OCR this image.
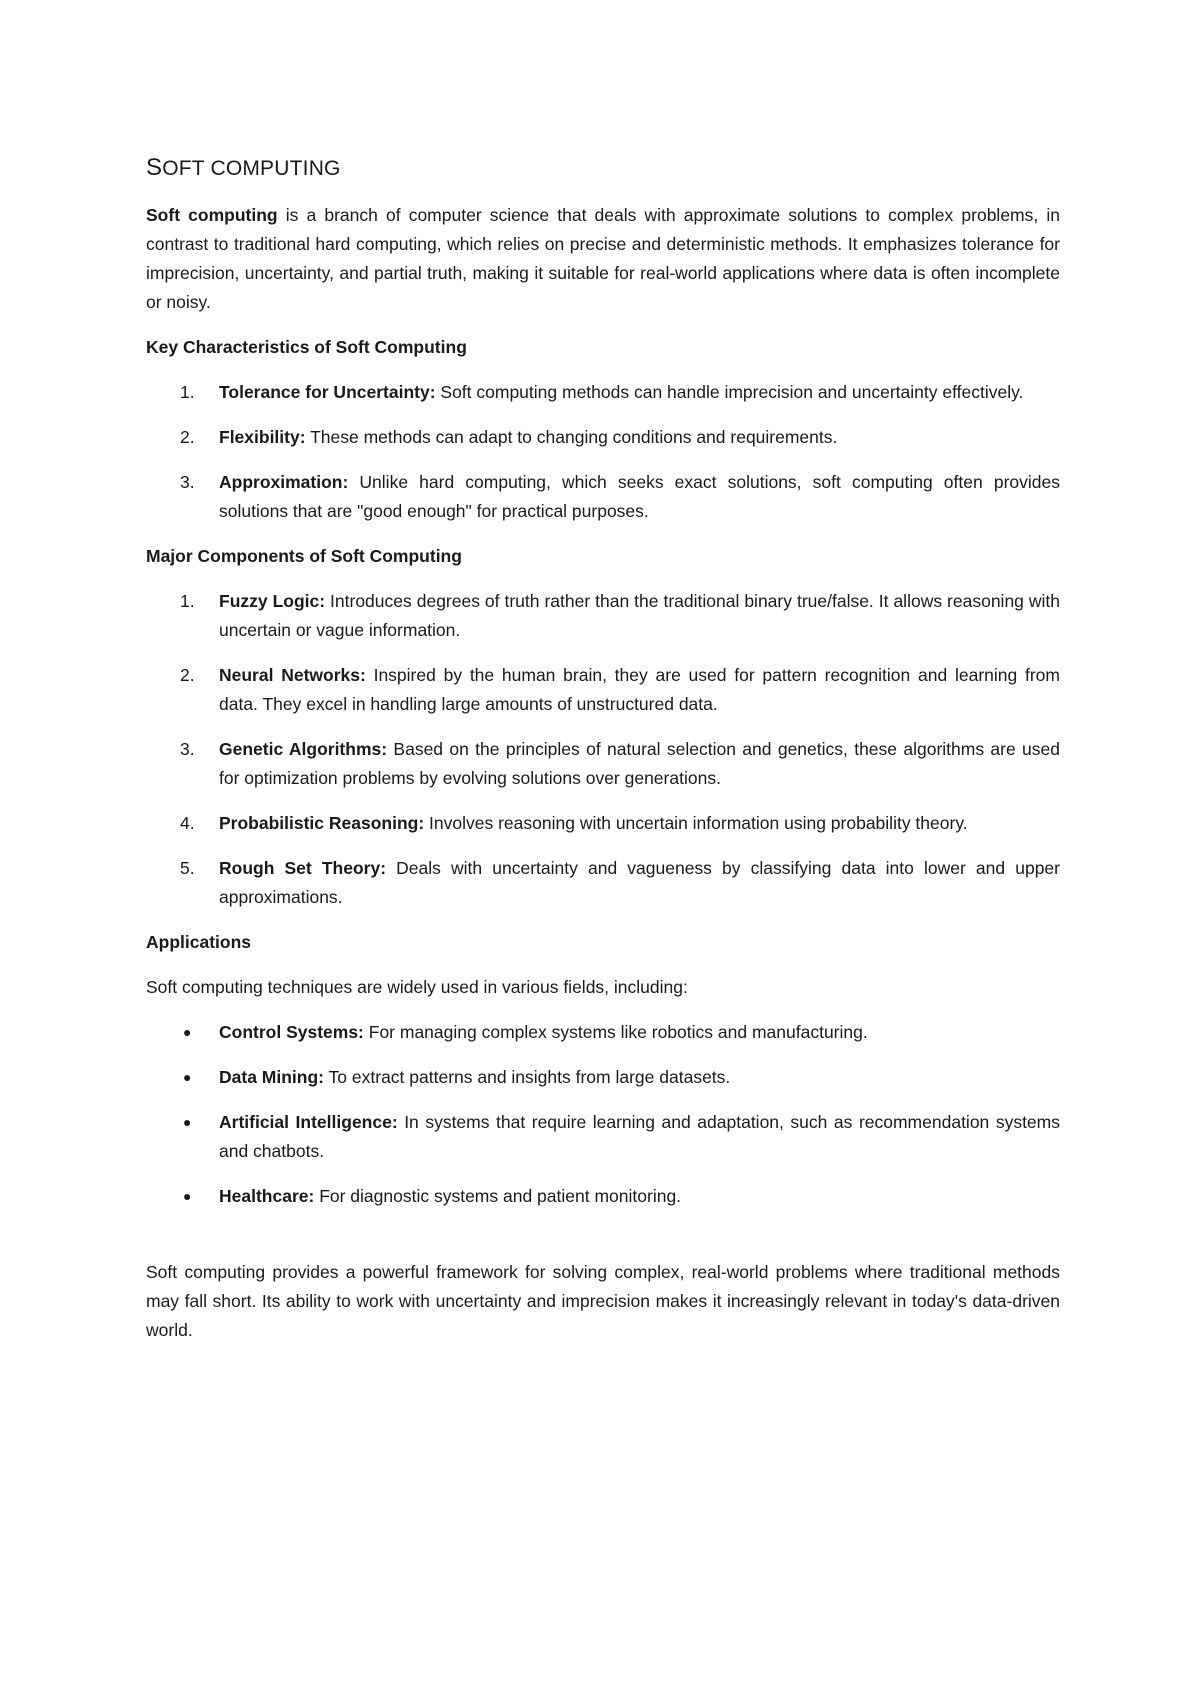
SOFT COMPUTING

Soft computing is a branch of computer science that deals with approximate solutions to complex problems, in contrast to traditional hard computing, which relies on precise and deterministic methods. It emphasizes tolerance for imprecision, uncertainty, and partial truth, making it suitable for real-world applications where data is often incomplete or noisy.

Key Characteristics of Soft Computing

1. Tolerance for Uncertainty: Soft computing methods can handle imprecision and uncertainty effectively.
2. Flexibility: These methods can adapt to changing conditions and requirements.
3. Approximation: Unlike hard computing, which seeks exact solutions, soft computing often provides solutions that are "good enough" for practical purposes.

Major Components of Soft Computing

1. Fuzzy Logic: Introduces degrees of truth rather than the traditional binary true/false. It allows reasoning with uncertain or vague information.
2. Neural Networks: Inspired by the human brain, they are used for pattern recognition and learning from data. They excel in handling large amounts of unstructured data.
3. Genetic Algorithms: Based on the principles of natural selection and genetics, these algorithms are used for optimization problems by evolving solutions over generations.
4. Probabilistic Reasoning: Involves reasoning with uncertain information using probability theory.
5. Rough Set Theory: Deals with uncertainty and vagueness by classifying data into lower and upper approximations.

Applications

Soft computing techniques are widely used in various fields, including:

● Control Systems: For managing complex systems like robotics and manufacturing.
● Data Mining: To extract patterns and insights from large datasets.
● Artificial Intelligence: In systems that require learning and adaptation, such as recommendation systems and chatbots.
● Healthcare: For diagnostic systems and patient monitoring.

Soft computing provides a powerful framework for solving complex, real-world problems where traditional methods may fall short. Its ability to work with uncertainty and imprecision makes it increasingly relevant in today's data-driven world.
